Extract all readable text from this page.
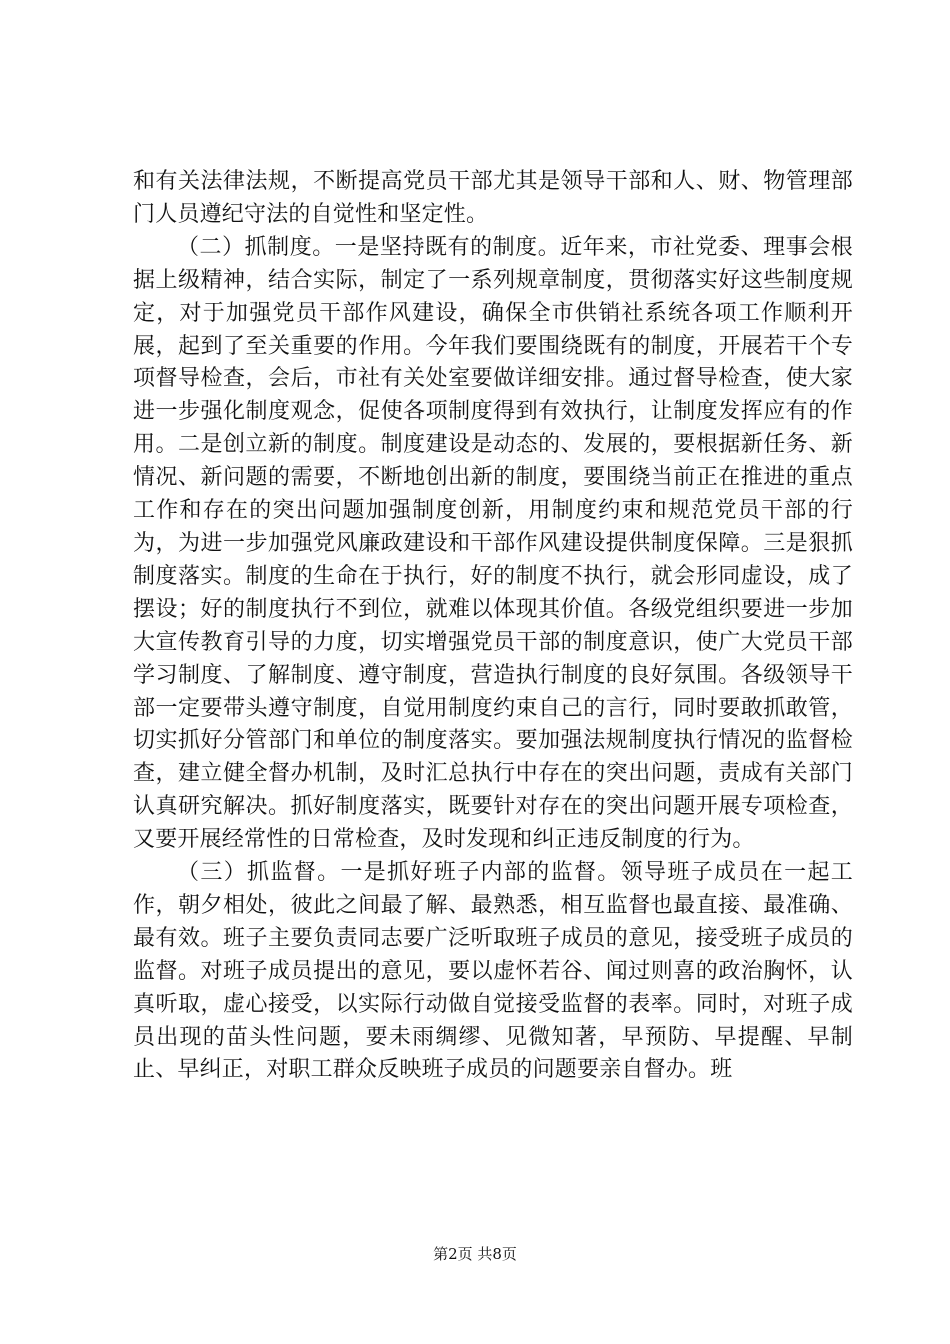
和有关法律法规，不断提高党员干部尤其是领导干部和人、财、物管理部门人员遵纪守法的自觉性和坚定性。

（二）抓制度。一是坚持既有的制度。近年来，市社党委、理事会根据上级精神，结合实际，制定了一系列规章制度，贯彻落实好这些制度规定，对于加强党员干部作风建设，确保全市供销社系统各项工作顺利开展，起到了至关重要的作用。今年我们要围绕既有的制度，开展若干个专项督导检查，会后，市社有关处室要做详细安排。通过督导检查，使大家进一步强化制度观念，促使各项制度得到有效执行，让制度发挥应有的作用。二是创立新的制度。制度建设是动态的、发展的，要根据新任务、新情况、新问题的需要，不断地创出新的制度，要围绕当前正在推进的重点工作和存在的突出问题加强制度创新，用制度约束和规范党员干部的行为，为进一步加强党风廉政建设和干部作风建设提供制度保障。三是狠抓制度落实。制度的生命在于执行，好的制度不执行，就会形同虚设，成了摆设；好的制度执行不到位，就难以体现其价值。各级党组织要进一步加大宣传教育引导的力度，切实增强党员干部的制度意识，使广大党员干部学习制度、了解制度、遵守制度，营造执行制度的良好氛围。各级领导干部一定要带头遵守制度，自觉用制度约束自己的言行，同时要敢抓敢管，切实抓好分管部门和单位的制度落实。要加强法规制度执行情况的监督检查，建立健全督办机制，及时汇总执行中存在的突出问题，责成有关部门认真研究解决。抓好制度落实，既要针对存在的突出问题开展专项检查，又要开展经常性的日常检查，及时发现和纠正违反制度的行为。

（三）抓监督。一是抓好班子内部的监督。领导班子成员在一起工作，朝夕相处，彼此之间最了解、最熟悉，相互监督也最直接、最准确、最有效。班子主要负责同志要广泛听取班子成员的意见，接受班子成员的监督。对班子成员提出的意见，要以虚怀若谷、闻过则喜的政治胸怀，认真听取，虚心接受，以实际行动做自觉接受监督的表率。同时，对班子成员出现的苗头性问题，要未雨绸缪、见微知著，早预防、早提醒、早制止、早纠正，对职工群众反映班子成员的问题要亲自督办。班

第2页 共8页
